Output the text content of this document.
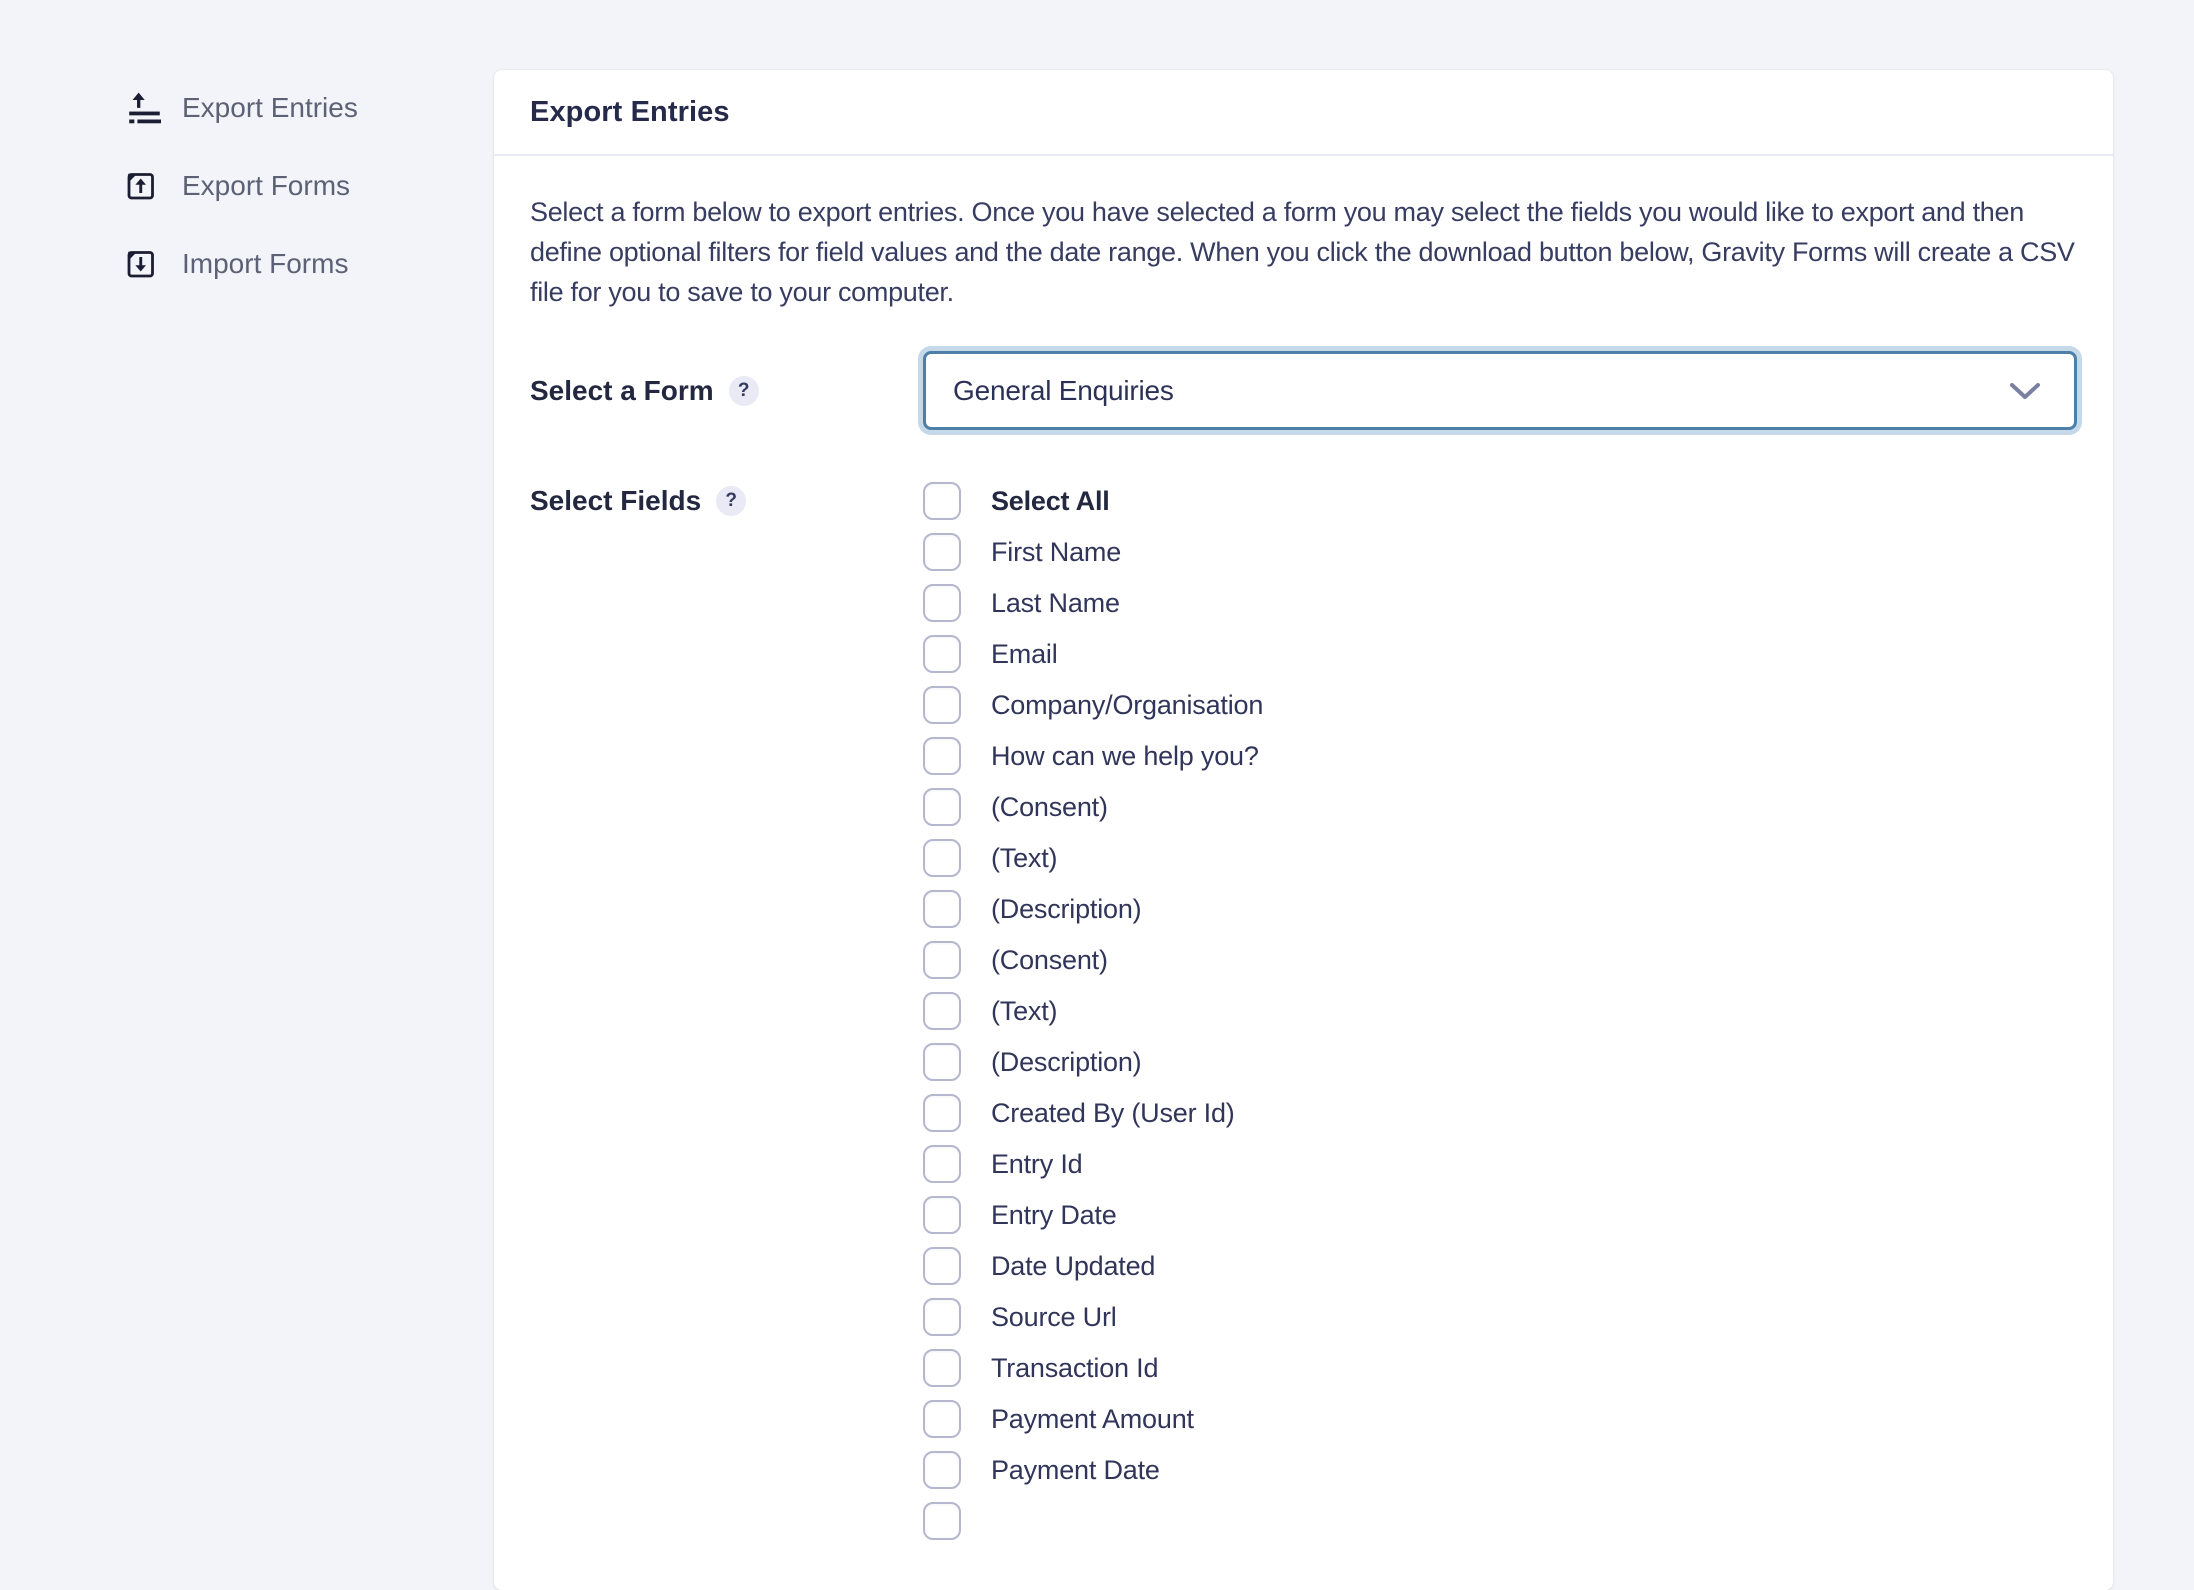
Export Entries
Export Forms
Import Forms
Export Entries

Select a form below to export entries. Once you have selected a form you may select the fields you would like to export and then define optional filters for field values and the date range. When you click the download button below, Gravity Forms will create a CSV file for you to save to your computer.

Select a Form	?	General Enquiries
Select Fields	?	Select All
First Name
Last Name
Email
Company/Organisation
How can we help you?
(Consent)
(Text)
(Description)
(Consent)
(Text)
(Description)
Created By (User Id)
Entry Id
Entry Date
Date Updated
Source Url
Transaction Id
Payment Amount
Payment Date
